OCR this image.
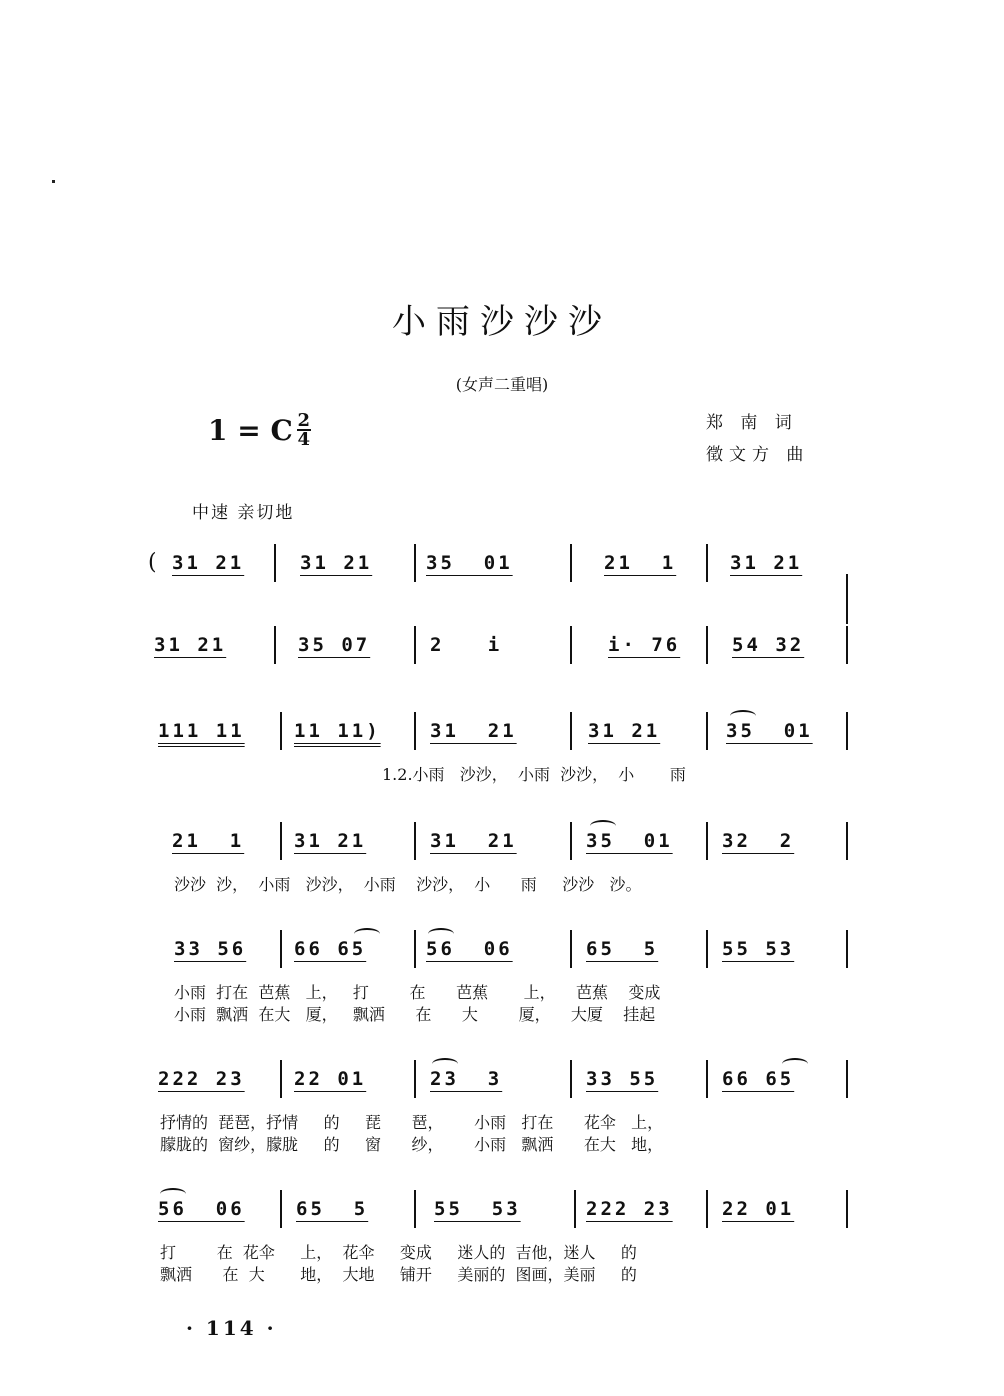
小雨沙沙沙
(女声二重唱)
1 = C $\frac{2}{4}$	郑 南 词
徵文方 曲
中速 亲切地
( 31 21	31 21	35  01	21  1	31 21
31 21	35 07	2   i	i· 76	54 32
111 11	11 11)	31  21	31 21	35  01
1.2.小雨   沙沙，  小雨  沙沙，  小       雨
21  1	31 21	31  21	35  01	32  2
沙沙  沙，  小雨   沙沙，  小雨    沙沙，  小      雨     沙沙   沙。
33 56	66 65	56  06	65  5	55 53
小雨  打在  芭蕉   上，   打        在      芭蕉       上，    芭蕉    变成
小雨  飘洒  在大   厦，   飘洒      在      大        厦，    大厦    挂起
222 23	22 01	23  3	33 55	66 65
抒情的  琵琶，抒情     的     琵      琶，      小雨   打在      花伞   上，
朦胧的  窗纱，朦胧     的     窗      纱，      小雨   飘洒      在大   地，
56  06	65  5	55  53	222 23	22 01
打        在  花伞     上，  花伞     变成     迷人的  吉他，迷人     的
飘洒      在  大       地，  大地     铺开     美丽的  图画，美丽     的
· 114 ·
